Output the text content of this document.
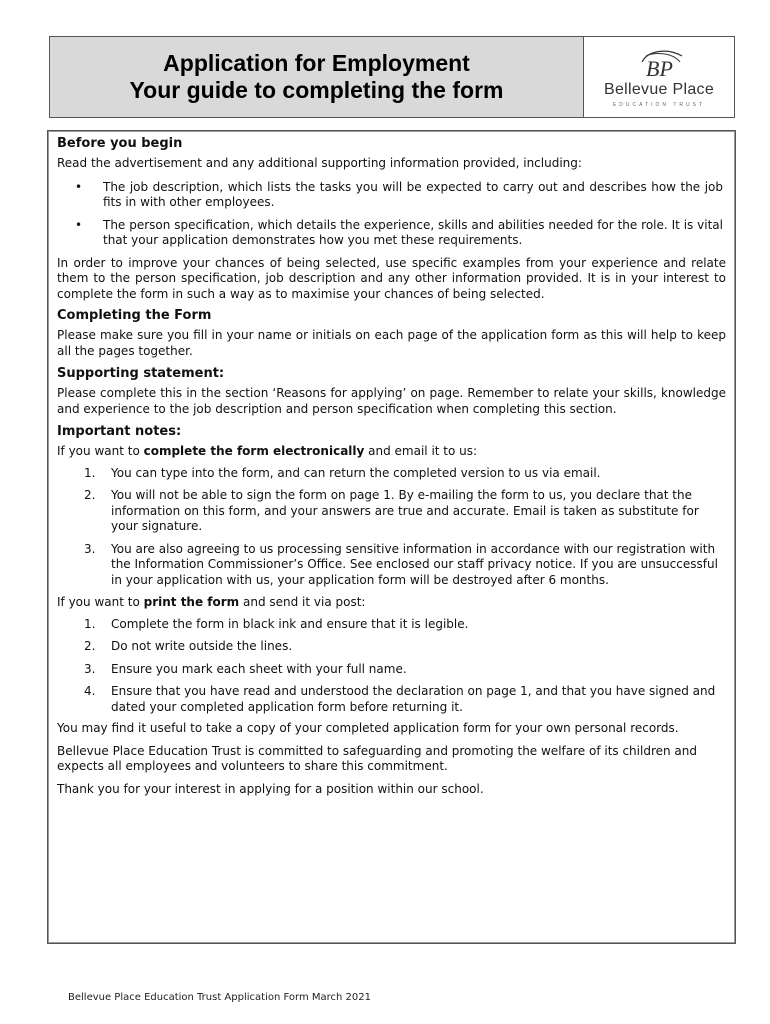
Application for Employment
Your guide to completing the form
BP
Bellevue Place
EDUCATION TRUST
Before you begin

Read the advertisement and any additional supporting information provided, including:

• The job description, which lists the tasks you will be expected to carry out and describes how the job fits in with other employees.
• The person specification, which details the experience, skills and abilities needed for the role. It is vital that your application demonstrates how you met these requirements.

In order to improve your chances of being selected, use specific examples from your experience and relate them to the person specification, job description and any other information provided. It is in your interest to complete the form in such a way as to maximise your chances of being selected.

Completing the Form

Please make sure you fill in your name or initials on each page of the application form as this will help to keep all the pages together.

Supporting statement:

Please complete this in the section ‘Reasons for applying’ on page. Remember to relate your skills, knowledge and experience to the job description and person specification when completing this section.

Important notes:

If you want to complete the form electronically and email it to us:

1. You can type into the form, and can return the completed version to us via email.
2. You will not be able to sign the form on page 1. By e-mailing the form to us, you declare that the information on this form, and your answers are true and accurate. Email is taken as substitute for your signature.
3. You are also agreeing to us processing sensitive information in accordance with our registration with the Information Commissioner’s Office. See enclosed our staff privacy notice. If you are unsuccessful in your application with us, your application form will be destroyed after 6 months.

If you want to print the form and send it via post:

1. Complete the form in black ink and ensure that it is legible.
2. Do not write outside the lines.
3. Ensure you mark each sheet with your full name.
4. Ensure that you have read and understood the declaration on page 1, and that you have signed and dated your completed application form before returning it.

You may find it useful to take a copy of your completed application form for your own personal records.

Bellevue Place Education Trust is committed to safeguarding and promoting the welfare of its children and expects all employees and volunteers to share this commitment.

Thank you for your interest in applying for a position within our school.

Bellevue Place Education Trust Application Form March 2021
